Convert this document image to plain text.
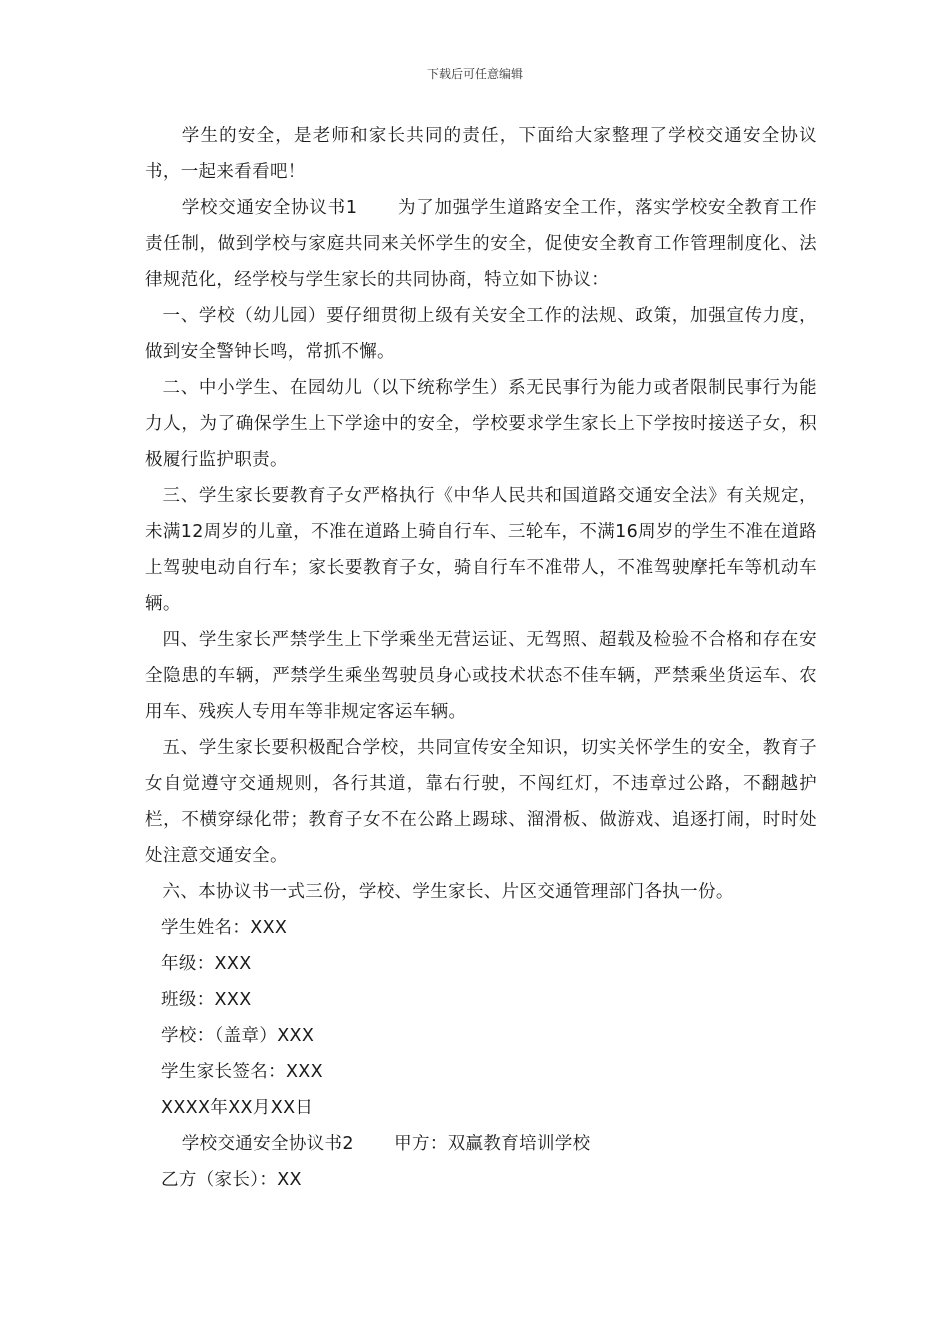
下载后可任意编辑

学生的安全，是老师和家长共同的责任，下面给大家整理了学校交通安全协议书，一起来看看吧！

学校交通安全协议书1 为了加强学生道路安全工作，落实学校安全教育工作责任制，做到学校与家庭共同来关怀学生的安全，促使安全教育工作管理制度化、法律规范化，经学校与学生家长的共同协商，特立如下协议：

一、学校（幼儿园）要仔细贯彻上级有关安全工作的法规、政策，加强宣传力度，做到安全警钟长鸣，常抓不懈。

二、中小学生、在园幼儿（以下统称学生）系无民事行为能力或者限制民事行为能力人，为了确保学生上下学途中的安全，学校要求学生家长上下学按时接送子女，积极履行监护职责。

三、学生家长要教育子女严格执行《中华人民共和国道路交通安全法》有关规定，未满12周岁的儿童，不准在道路上骑自行车、三轮车，不满16周岁的学生不准在道路上驾驶电动自行车；家长要教育子女，骑自行车不准带人，不准驾驶摩托车等机动车辆。

四、学生家长严禁学生上下学乘坐无营运证、无驾照、超载及检验不合格和存在安全隐患的车辆，严禁学生乘坐驾驶员身心或技术状态不佳车辆，严禁乘坐货运车、农用车、残疾人专用车等非规定客运车辆。

五、学生家长要积极配合学校，共同宣传安全知识，切实关怀学生的安全，教育子女自觉遵守交通规则，各行其道，靠右行驶，不闯红灯，不违章过公路，不翻越护栏，不横穿绿化带；教育子女不在公路上踢球、溜滑板、做游戏、追逐打闹，时时处处注意交通安全。

六、本协议书一式三份，学校、学生家长、片区交通管理部门各执一份。

学生姓名：XXX

年级：XXX

班级：XXX

学校：（盖章）XXX

学生家长签名：XXX

XXXX年XX月XX日

学校交通安全协议书2 甲方：双赢教育培训学校

乙方（家长）：XX
